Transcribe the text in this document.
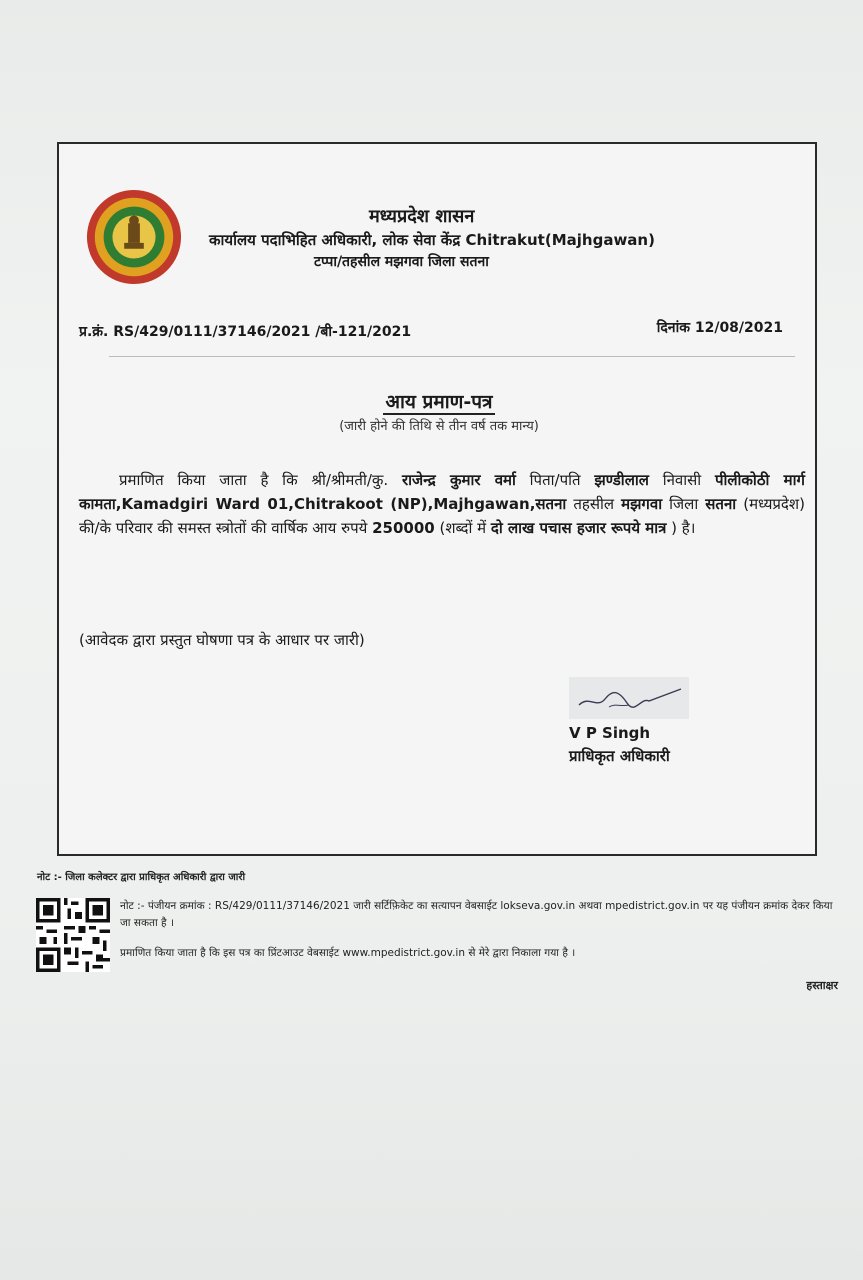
मध्यप्रदेश शासन
कार्यालय पदाभिहित अधिकारी, लोक सेवा केंद्र Chitrakut(Majhgawan)
टप्पा/तहसील मझगवा जिला सतना
प्र.क्रं. RS/429/0111/37146/2021 /बी-121/2021	दिनांक 12/08/2021
आय प्रमाण-पत्र
(जारी होने की तिथि से तीन वर्ष तक मान्य)
प्रमाणित किया जाता है कि श्री/श्रीमती/कु. राजेन्द्र कुमार वर्मा पिता/पति झण्डीलाल निवासी पीलीकोठी मार्ग कामता,Kamadgiri Ward 01,Chitrakoot (NP),Majhgawan,सतना तहसील मझगवा जिला सतना (मध्यप्रदेश) की/के परिवार की समस्त स्त्रोतों की वार्षिक आय रुपये 250000 (शब्दों में दो लाख पचास हजार रूपये मात्र ) है।
(आवेदक द्वारा प्रस्तुत घोषणा पत्र के आधार पर जारी)
V P Singh
प्राधिकृत अधिकारी
नोट :- जिला कलेक्टर द्वारा प्राधिकृत अधिकारी द्वारा जारी
नोट :- पंजीयन क्रमांक : RS/429/0111/37146/2021 जारी सर्टिफ़िकेट का सत्यापन वेबसाईट lokseva.gov.in अथवा mpedistrict.gov.in पर यह पंजीयन क्रमांक देकर किया जा सकता है ।
प्रमाणित किया जाता है कि इस पत्र का प्रिंटआउट वेबसाईट www.mpedistrict.gov.in से मेरे द्वारा निकाला गया है ।
हस्ताक्षर
